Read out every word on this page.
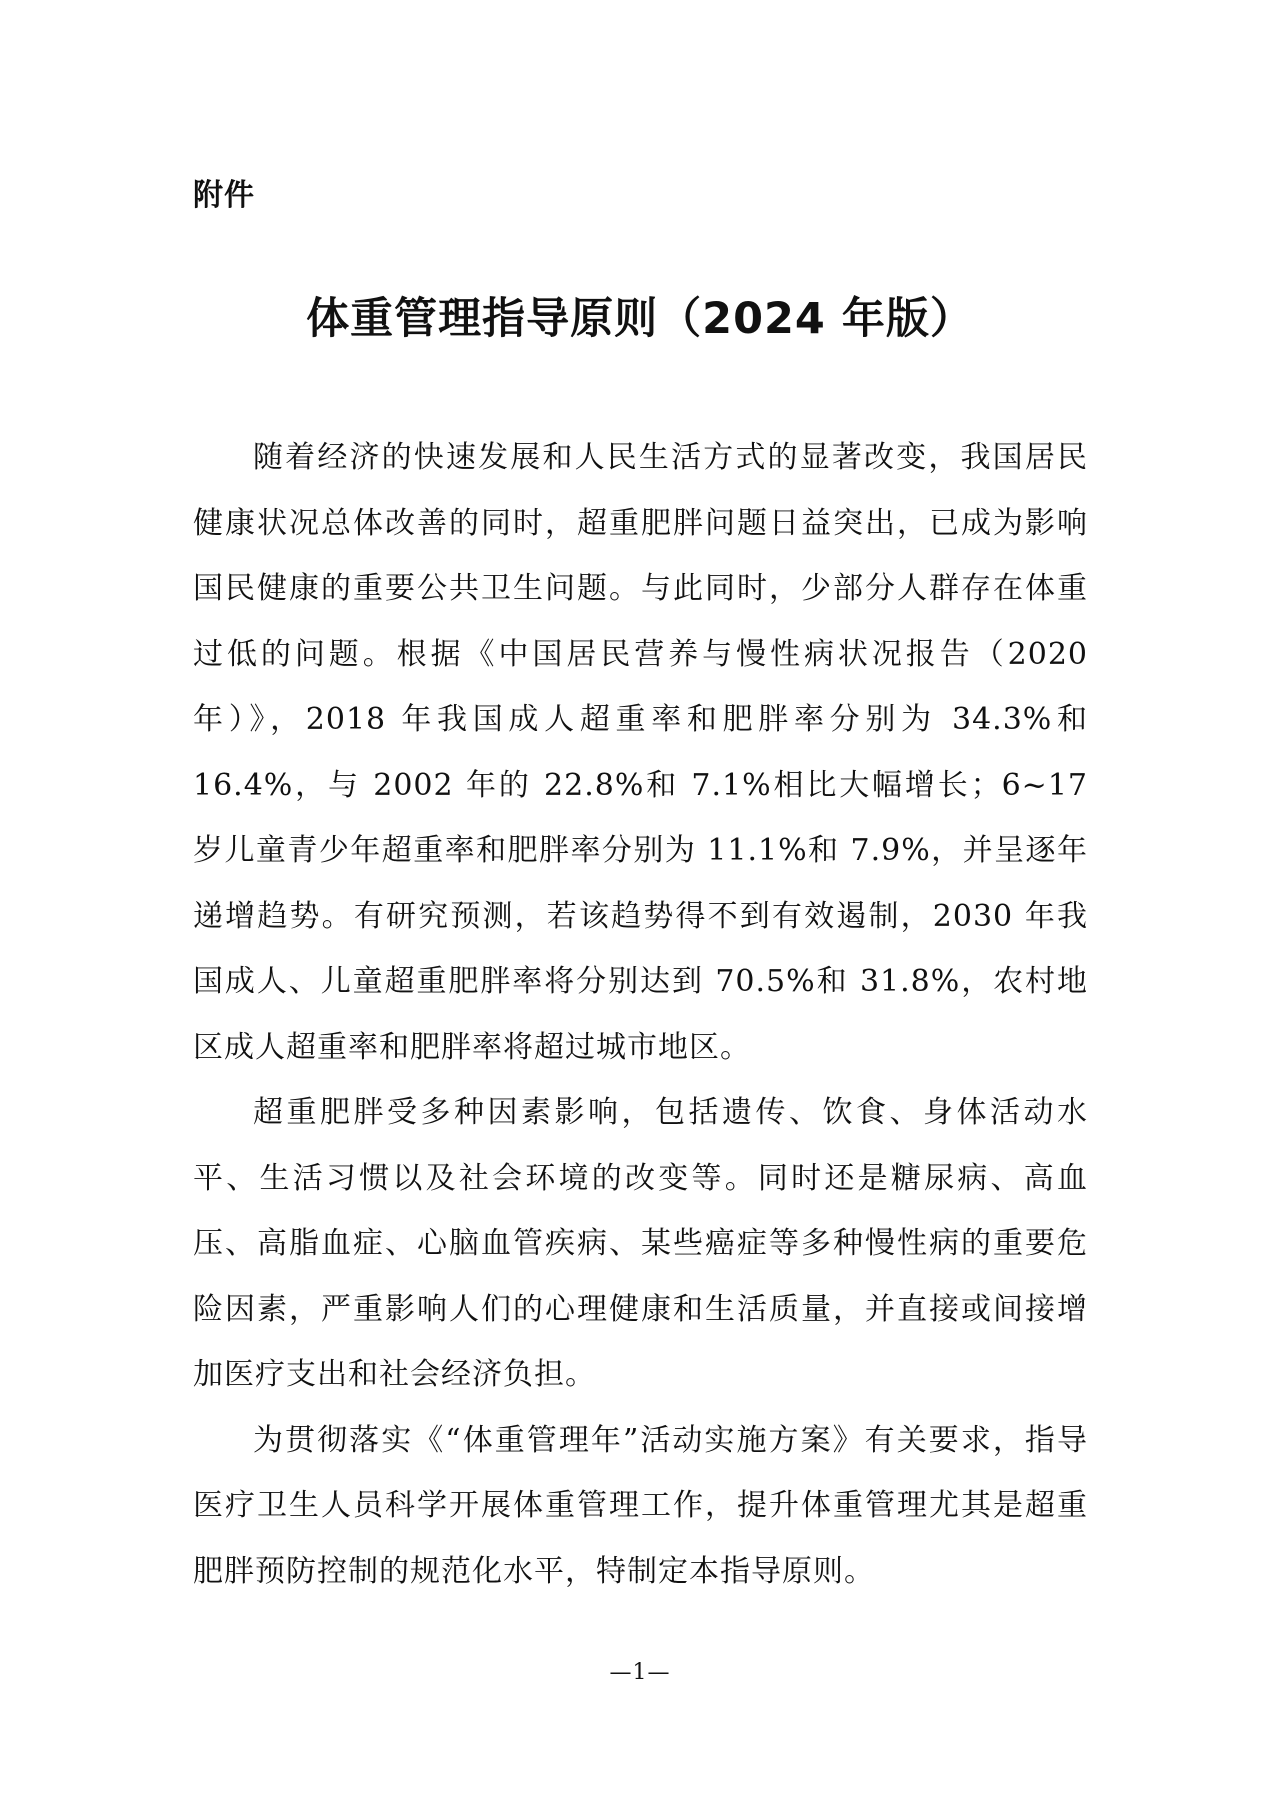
附件
体重管理指导原则（2024 年版）

随着经济的快速发展和人民生活方式的显著改变，我国居民健康状况总体改善的同时，超重肥胖问题日益突出，已成为影响国民健康的重要公共卫生问题。与此同时，少部分人群存在体重过低的问题。根据《中国居民营养与慢性病状况报告（2020 年）》，2018 年我国成人超重率和肥胖率分别为 34.3%和 16.4%，与 2002 年的 22.8%和 7.1%相比大幅增长；6~17 岁儿童青少年超重率和肥胖率分别为 11.1%和 7.9%，并呈逐年递增趋势。有研究预测，若该趋势得不到有效遏制，2030 年我国成人、儿童超重肥胖率将分别达到 70.5%和 31.8%，农村地区成人超重率和肥胖率将超过城市地区。

超重肥胖受多种因素影响，包括遗传、饮食、身体活动水平、生活习惯以及社会环境的改变等。同时还是糖尿病、高血压、高脂血症、心脑血管疾病、某些癌症等多种慢性病的重要危险因素，严重影响人们的心理健康和生活质量，并直接或间接增加医疗支出和社会经济负担。

为贯彻落实《“体重管理年”活动实施方案》有关要求，指导医疗卫生人员科学开展体重管理工作，提升体重管理尤其是超重肥胖预防控制的规范化水平，特制定本指导原则。

—1—
